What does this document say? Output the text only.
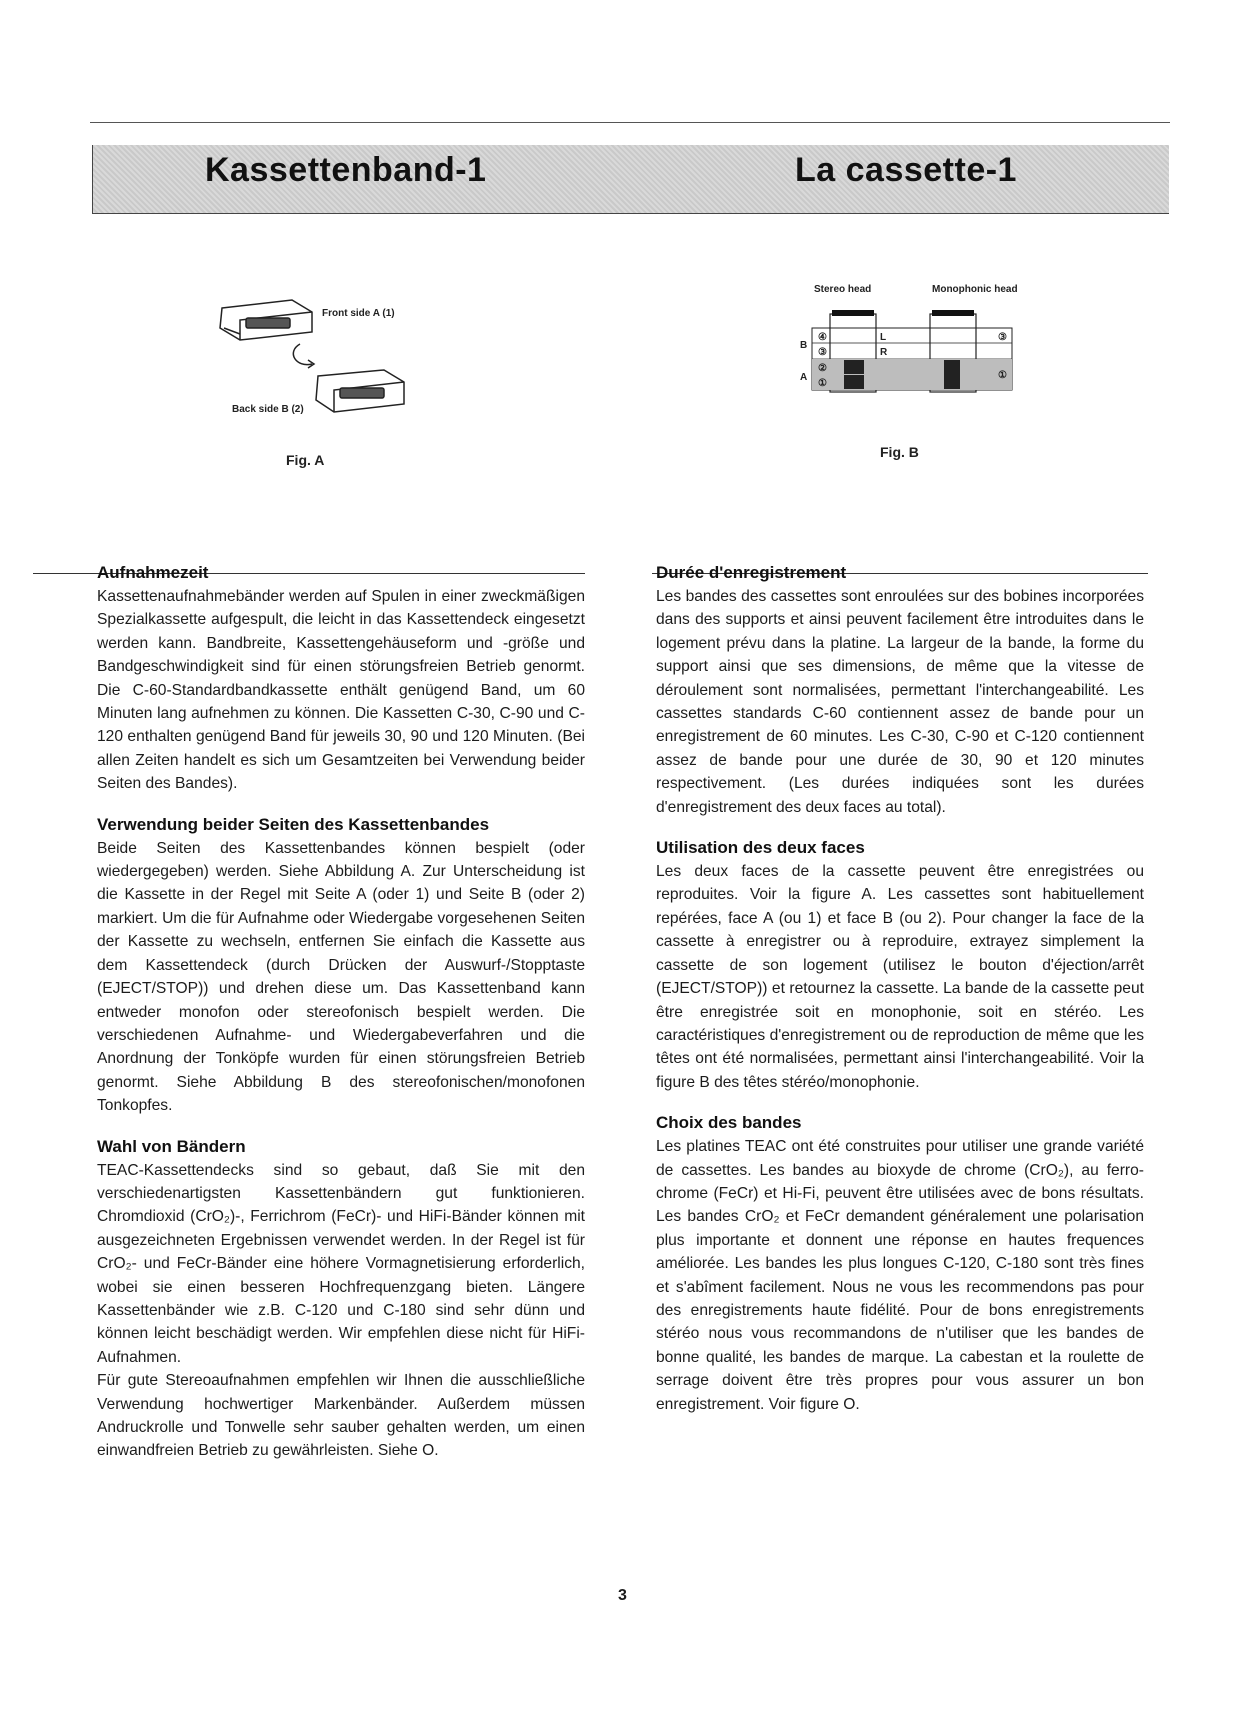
Kassettenband-1	La cassette-1
Front side A (1)
Back side B (2)
Fig. A
Stereo head	Monophonic head
④
③
②
①
B
A
L
R
③
①
Fig. B
Aufnahmezeit

Kassettenaufnahmebänder werden auf Spulen in einer zweckmäßigen Spezialkassette aufgespult, die leicht in das Kassettendeck eingesetzt werden kann. Bandbreite, Kassettengehäuseform und -größe und Bandgeschwindigkeit sind für einen störungsfreien Betrieb genormt. Die C-60-Standardbandkassette enthält genügend Band, um 60 Minuten lang aufnehmen zu können. Die Kassetten C-30, C-90 und C-120 enthalten genügend Band für jeweils 30, 90 und 120 Minuten. (Bei allen Zeiten handelt es sich um Gesamtzeiten bei Verwendung beider Seiten des Bandes).

Verwendung beider Seiten des Kassettenbandes

Beide Seiten des Kassettenbandes können bespielt (oder wiedergegeben) werden. Siehe Abbildung A. Zur Unterscheidung ist die Kassette in der Regel mit Seite A (oder 1) und Seite B (oder 2) markiert. Um die für Aufnahme oder Wiedergabe vorgesehenen Seiten der Kassette zu wechseln, entfernen Sie einfach die Kassette aus dem Kassettendeck (durch Drücken der Auswurf-/Stopptaste (EJECT/STOP)) und drehen diese um. Das Kassettenband kann entweder monofon oder stereofonisch bespielt werden. Die verschiedenen Aufnahme- und Wiedergabeverfahren und die Anordnung der Tonköpfe wurden für einen störungsfreien Betrieb genormt. Siehe Abbildung B des stereofonischen/monofonen Tonkopfes.

Wahl von Bändern

TEAC-Kassettendecks sind so gebaut, daß Sie mit den verschiedenartigsten Kassettenbändern gut funktionieren. Chromdioxid (CrO₂)-, Ferrichrom (FeCr)- und HiFi-Bänder können mit ausgezeichneten Ergebnissen verwendet werden. In der Regel ist für CrO₂- und FeCr-Bänder eine höhere Vormagnetisierung erforderlich, wobei sie einen besseren Hochfrequenzgang bieten. Längere Kassettenbänder wie z.B. C-120 und C-180 sind sehr dünn und können leicht beschädigt werden. Wir empfehlen diese nicht für HiFi-Aufnahmen.

Für gute Stereoaufnahmen empfehlen wir Ihnen die ausschließliche Verwendung hochwertiger Markenbänder. Außerdem müssen Andruckrolle und Tonwelle sehr sauber gehalten werden, um einen einwandfreien Betrieb zu gewährleisten. Siehe O.

Durée d'enregistrement

Les bandes des cassettes sont enroulées sur des bobines incorporées dans des supports et ainsi peuvent facilement être introduites dans le logement prévu dans la platine. La largeur de la bande, la forme du support ainsi que ses dimensions, de même que la vitesse de déroulement sont normalisées, permettant l'interchangeabilité. Les cassettes standards C-60 contiennent assez de bande pour un enregistrement de 60 minutes. Les C-30, C-90 et C-120 contiennent assez de bande pour une durée de 30, 90 et 120 minutes respectivement. (Les durées indiquées sont les durées d'enregistrement des deux faces au total).

Utilisation des deux faces

Les deux faces de la cassette peuvent être enregistrées ou reproduites. Voir la figure A. Les cassettes sont habituellement repérées, face A (ou 1) et face B (ou 2). Pour changer la face de la cassette à enregistrer ou à reproduire, extrayez simplement la cassette de son logement (utilisez le bouton d'éjection/arrêt (EJECT/STOP)) et retournez la cassette. La bande de la cassette peut être enregistrée soit en monophonie, soit en stéréo. Les caractéristiques d'enregistrement ou de reproduction de même que les têtes ont été normalisées, permettant ainsi l'interchangeabilité. Voir la figure B des têtes stéréo/monophonie.

Choix des bandes

Les platines TEAC ont été construites pour utiliser une grande variété de cassettes. Les bandes au bioxyde de chrome (CrO₂), au ferro-chrome (FeCr) et Hi-Fi, peuvent être utilisées avec de bons résultats. Les bandes CrO₂ et FeCr demandent généralement une polarisation plus importante et donnent une réponse en hautes frequences améliorée. Les bandes les plus longues C-120, C-180 sont très fines et s'abîment facilement. Nous ne vous les recommendons pas pour des enregistrements haute fidélité. Pour de bons enregistrements stéréo nous vous recommandons de n'utiliser que les bandes de bonne qualité, les bandes de marque. La cabestan et la roulette de serrage doivent être très propres pour vous assurer un bon enregistrement. Voir figure O.

3
